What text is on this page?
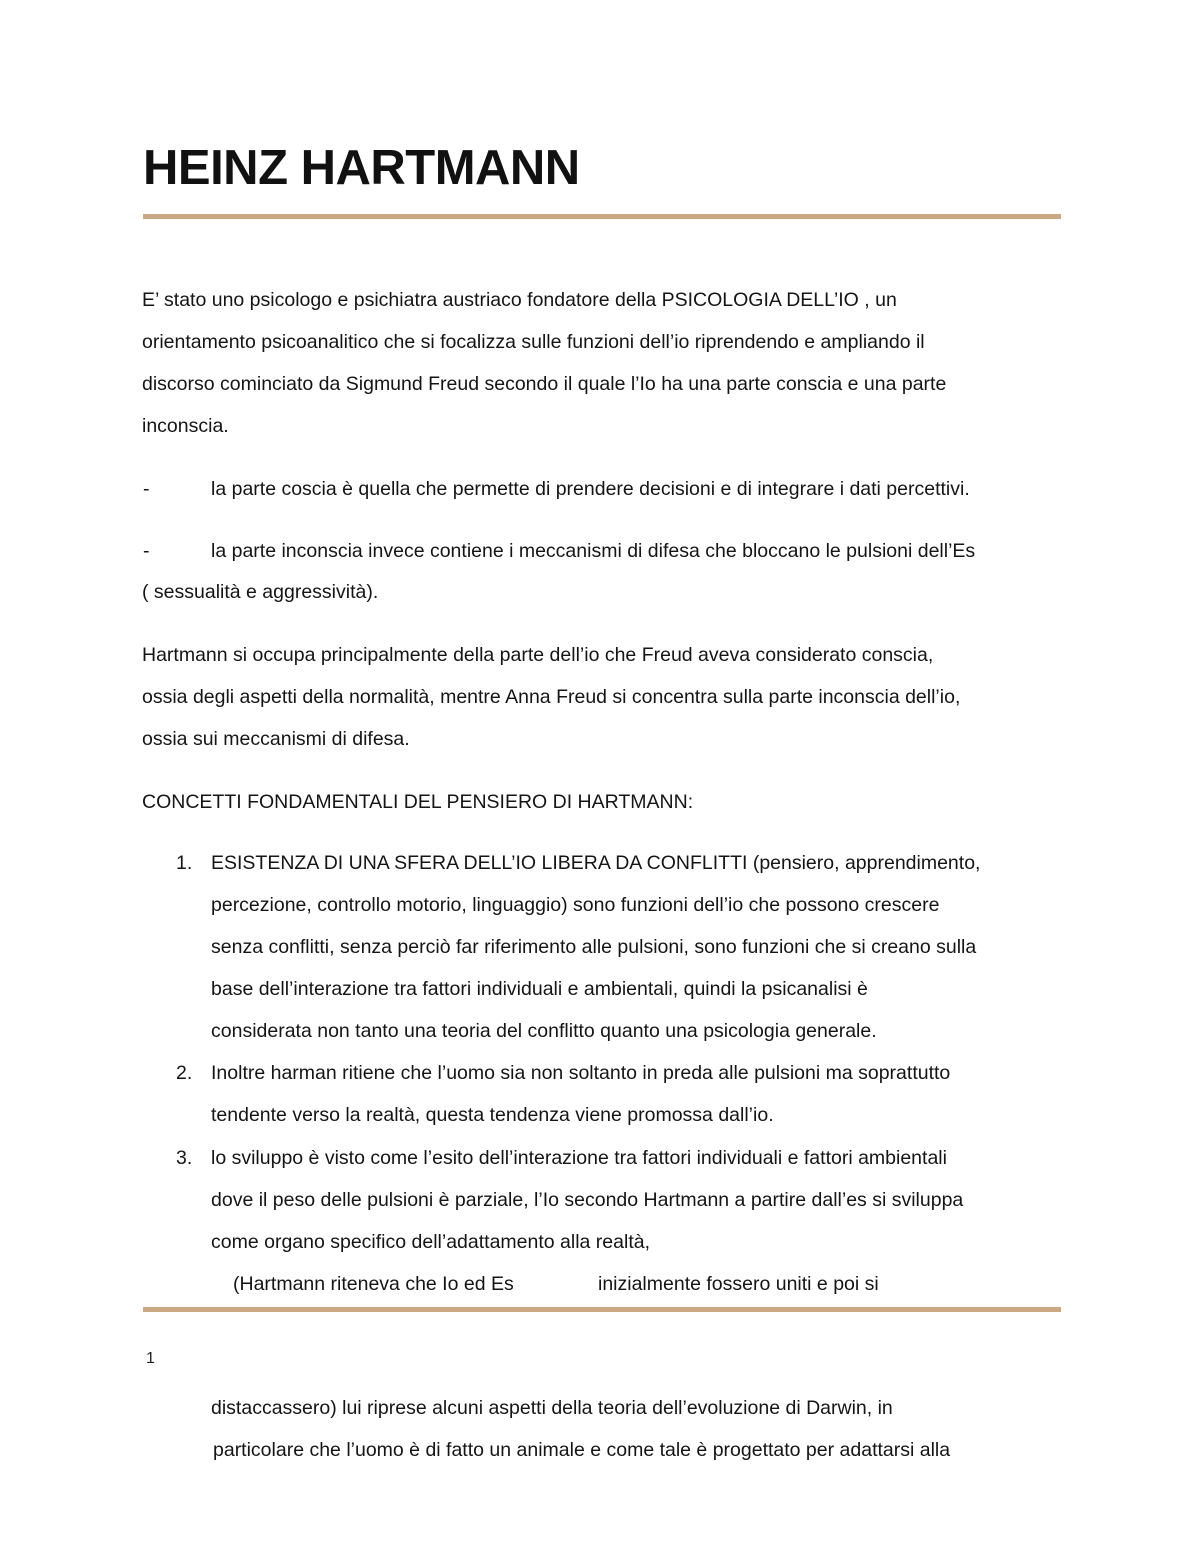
HEINZ HARTMANN
E’ stato uno psicologo e psichiatra austriaco fondatore della PSICOLOGIA DELL’IO , un
orientamento psicoanalitico che si focalizza sulle funzioni dell’io riprendendo e ampliando il
discorso cominciato da Sigmund Freud secondo il quale l’Io ha una parte conscia e una parte
inconscia.
-	la parte coscia è quella che permette di prendere decisioni e di integrare i dati percettivi.
-	la parte inconscia invece contiene i meccanismi di difesa che bloccano le pulsioni dell’Es
( sessualità e aggressività).
Hartmann si occupa principalmente della parte dell’io che Freud aveva considerato conscia,
ossia degli aspetti della normalità, mentre Anna Freud si concentra sulla parte inconscia dell’io,
ossia sui meccanismi di difesa.
CONCETTI FONDAMENTALI DEL PENSIERO DI HARTMANN:
1. ESISTENZA DI UNA SFERA DELL’IO LIBERA DA CONFLITTI (pensiero, apprendimento,
percezione, controllo motorio, linguaggio) sono funzioni dell’io che possono crescere
senza conflitti, senza perciò far riferimento alle pulsioni, sono funzioni che si creano sulla
base dell’interazione tra fattori individuali e ambientali, quindi la psicanalisi è
considerata non tanto una teoria del conflitto quanto una psicologia generale.
2. Inoltre harman ritiene che l’uomo sia non soltanto in preda alle pulsioni ma soprattutto
tendente verso la realtà, questa tendenza viene promossa dall’io.
3. lo sviluppo è visto come l’esito dell’interazione tra fattori individuali e fattori ambientali
dove il peso delle pulsioni è parziale, l’Io secondo Hartmann a partire dall’es si sviluppa
come organo specifico dell’adattamento alla realtà,
(Hartmann riteneva che Io ed Es	inizialmente fossero uniti e poi si
1
distaccassero) lui riprese alcuni aspetti della teoria dell’evoluzione di Darwin, in
particolare che l’uomo è di fatto un animale e come tale è progettato per adattarsi alla
